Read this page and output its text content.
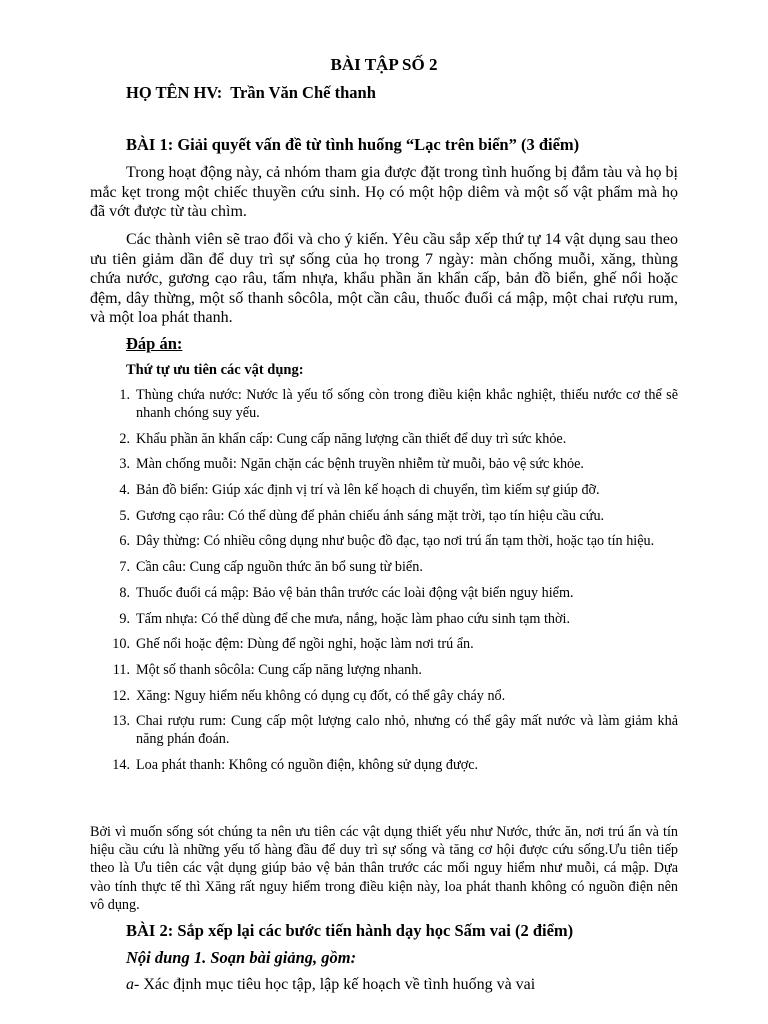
BÀI TẬP SỐ 2
HỌ TÊN HV:  Trần Văn Chế thanh
BÀI 1: Giải quyết vấn đề từ tình huống “Lạc trên biển” (3 điểm)
Trong hoạt động này, cả nhóm tham gia được đặt trong tình huống bị đắm tàu và họ bị mắc kẹt trong một chiếc thuyền cứu sinh. Họ có một hộp diêm và một số vật phẩm mà họ đã vớt được từ tàu chìm.
Các thành viên sẽ trao đổi và cho ý kiến. Yêu cầu sắp xếp thứ tự 14 vật dụng sau theo ưu tiên giảm dần để duy trì sự sống của họ trong 7 ngày: màn chống muỗi, xăng, thùng chứa nước, gương cạo râu, tấm nhựa, khẩu phần ăn khẩn cấp, bản đồ biển, ghế nổi hoặc đệm, dây thừng, một số thanh sôcôla, một cần câu, thuốc đuổi cá mập, một chai rượu rum, và một loa phát thanh.
Đáp án:
Thứ tự ưu tiên các vật dụng:
1. Thùng chứa nước: Nước là yếu tố sống còn trong điều kiện khắc nghiệt, thiếu nước cơ thể sẽ nhanh chóng suy yếu.
2. Khẩu phần ăn khẩn cấp: Cung cấp năng lượng cần thiết để duy trì sức khỏe.
3. Màn chống muỗi: Ngăn chặn các bệnh truyền nhiễm từ muỗi, bảo vệ sức khỏe.
4. Bản đồ biển: Giúp xác định vị trí và lên kế hoạch di chuyển, tìm kiếm sự giúp đỡ.
5. Gương cạo râu: Có thể dùng để phản chiếu ánh sáng mặt trời, tạo tín hiệu cầu cứu.
6. Dây thừng: Có nhiều công dụng như buộc đồ đạc, tạo nơi trú ẩn tạm thời, hoặc tạo tín hiệu.
7. Cần câu: Cung cấp nguồn thức ăn bổ sung từ biển.
8. Thuốc đuổi cá mập: Bảo vệ bản thân trước các loài động vật biển nguy hiểm.
9. Tấm nhựa: Có thể dùng để che mưa, nắng, hoặc làm phao cứu sinh tạm thời.
10. Ghế nổi hoặc đệm: Dùng để ngồi nghỉ, hoặc làm nơi trú ẩn.
11. Một số thanh sôcôla: Cung cấp năng lượng nhanh.
12. Xăng: Nguy hiểm nếu không có dụng cụ đốt, có thể gây cháy nổ.
13. Chai rượu rum: Cung cấp một lượng calo nhỏ, nhưng có thể gây mất nước và làm giảm khả năng phán đoán.
14. Loa phát thanh: Không có nguồn điện, không sử dụng được.
Bởi vì muốn sống sót chúng ta nên ưu tiên các vật dụng thiết yếu như Nước, thức ăn, nơi trú ẩn và tín hiệu cầu cứu là những yếu tố hàng đầu để duy trì sự sống và tăng cơ hội được cứu sống.Ưu tiên tiếp theo là Ưu tiên các vật dụng giúp bảo vệ bản thân trước các mối nguy hiểm như muỗi, cá mập. Dựa vào tính thực tế thì Xăng rất nguy hiểm trong điều kiện này, loa phát thanh không có nguồn điện nên vô dụng.
BÀI 2: Sắp xếp lại các bước tiến hành dạy học Sấm vai (2 điểm)
Nội dung 1. Soạn bài giảng, gồm:
a- Xác định mục tiêu học tập, lập kế hoạch về tình huống và vai
